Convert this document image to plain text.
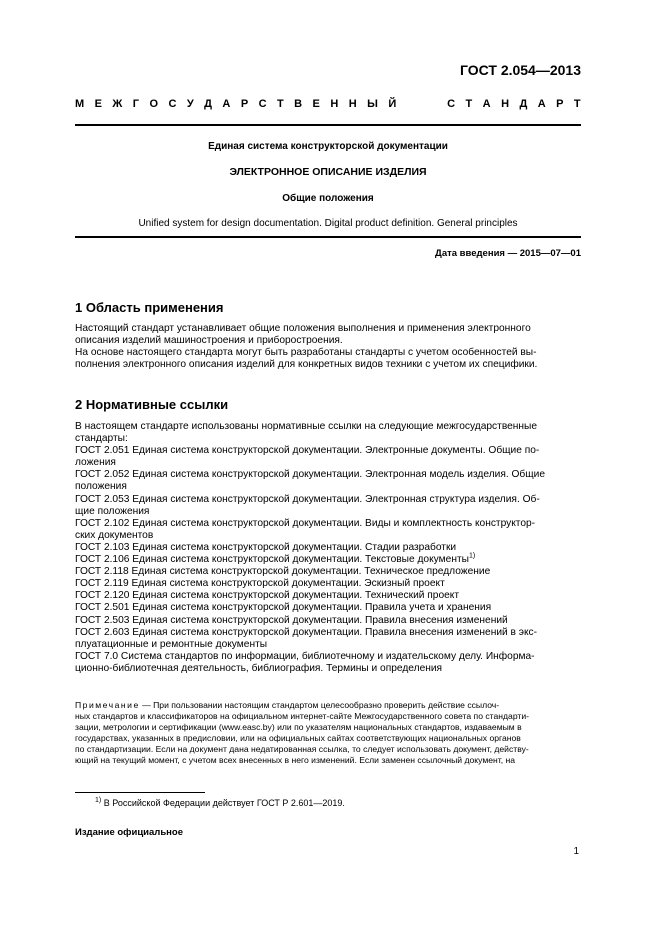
ГОСТ 2.054—2013
М Е Ж Г О С У Д А Р С Т В Е Н Н Ы Й	С Т А Н Д А Р Т
Единая система конструкторской документации
ЭЛЕКТРОННОЕ ОПИСАНИЕ ИЗДЕЛИЯ
Общие положения
Unified system for design documentation. Digital product definition. General principles
Дата введения — 2015—07—01
1 Область применения
Настоящий стандарт устанавливает общие положения выполнения и применения электронного
описания изделий машиностроения и приборостроения.
На основе настоящего стандарта могут быть разработаны стандарты с учетом особенностей вы-
полнения электронного описания изделий для конкретных видов техники с учетом их специфики.
2 Нормативные ссылки
В настоящем стандарте использованы нормативные ссылки на следующие межгосударственные
стандарты:
ГОСТ 2.051 Единая система конструкторской документации. Электронные документы. Общие по-
ложения
ГОСТ 2.052 Единая система конструкторской документации. Электронная модель изделия. Общие
положения
ГОСТ 2.053 Единая система конструкторской документации. Электронная структура изделия. Об-
щие положения
ГОСТ 2.102 Единая система конструкторской документации. Виды и комплектность конструктор-
ских документов
ГОСТ 2.103 Единая система конструкторской документации. Стадии разработки
ГОСТ 2.106 Единая система конструкторской документации. Текстовые документы$^{1)}$
ГОСТ 2.118 Единая система конструкторской документации. Техническое предложение
ГОСТ 2.119 Единая система конструкторской документации. Эскизный проект
ГОСТ 2.120 Единая система конструкторской документации. Технический проект
ГОСТ 2.501 Единая система конструкторской документации. Правила учета и хранения
ГОСТ 2.503 Единая система конструкторской документации. Правила внесения изменений
ГОСТ 2.603 Единая система конструкторской документации. Правила внесения изменений в экс-
плуатационные и ремонтные документы
ГОСТ 7.0 Система стандартов по информации, библиотечному и издательскому делу. Информа-
ционно-библиотечная деятельность, библиография. Термины и определения
Примечание — При пользовании настоящим стандартом целесообразно проверить действие ссылоч-
ных стандартов и классификаторов на официальном интернет-сайте Межгосударственного совета по стандарти-
зации, метрологии и сертификации (www.easc.by) или по указателям национальных стандартов, издаваемым в
государствах, указанных в предисловии, или на официальных сайтах соответствующих национальных органов
по стандартизации. Если на документ дана недатированная ссылка, то следует использовать документ, действу-
ющий на текущий момент, с учетом всех внесенных в него изменений. Если заменен ссылочный документ, на
$^{1)}$ В Российской Федерации действует ГОСТ Р 2.601—2019.
Издание официальное
1
